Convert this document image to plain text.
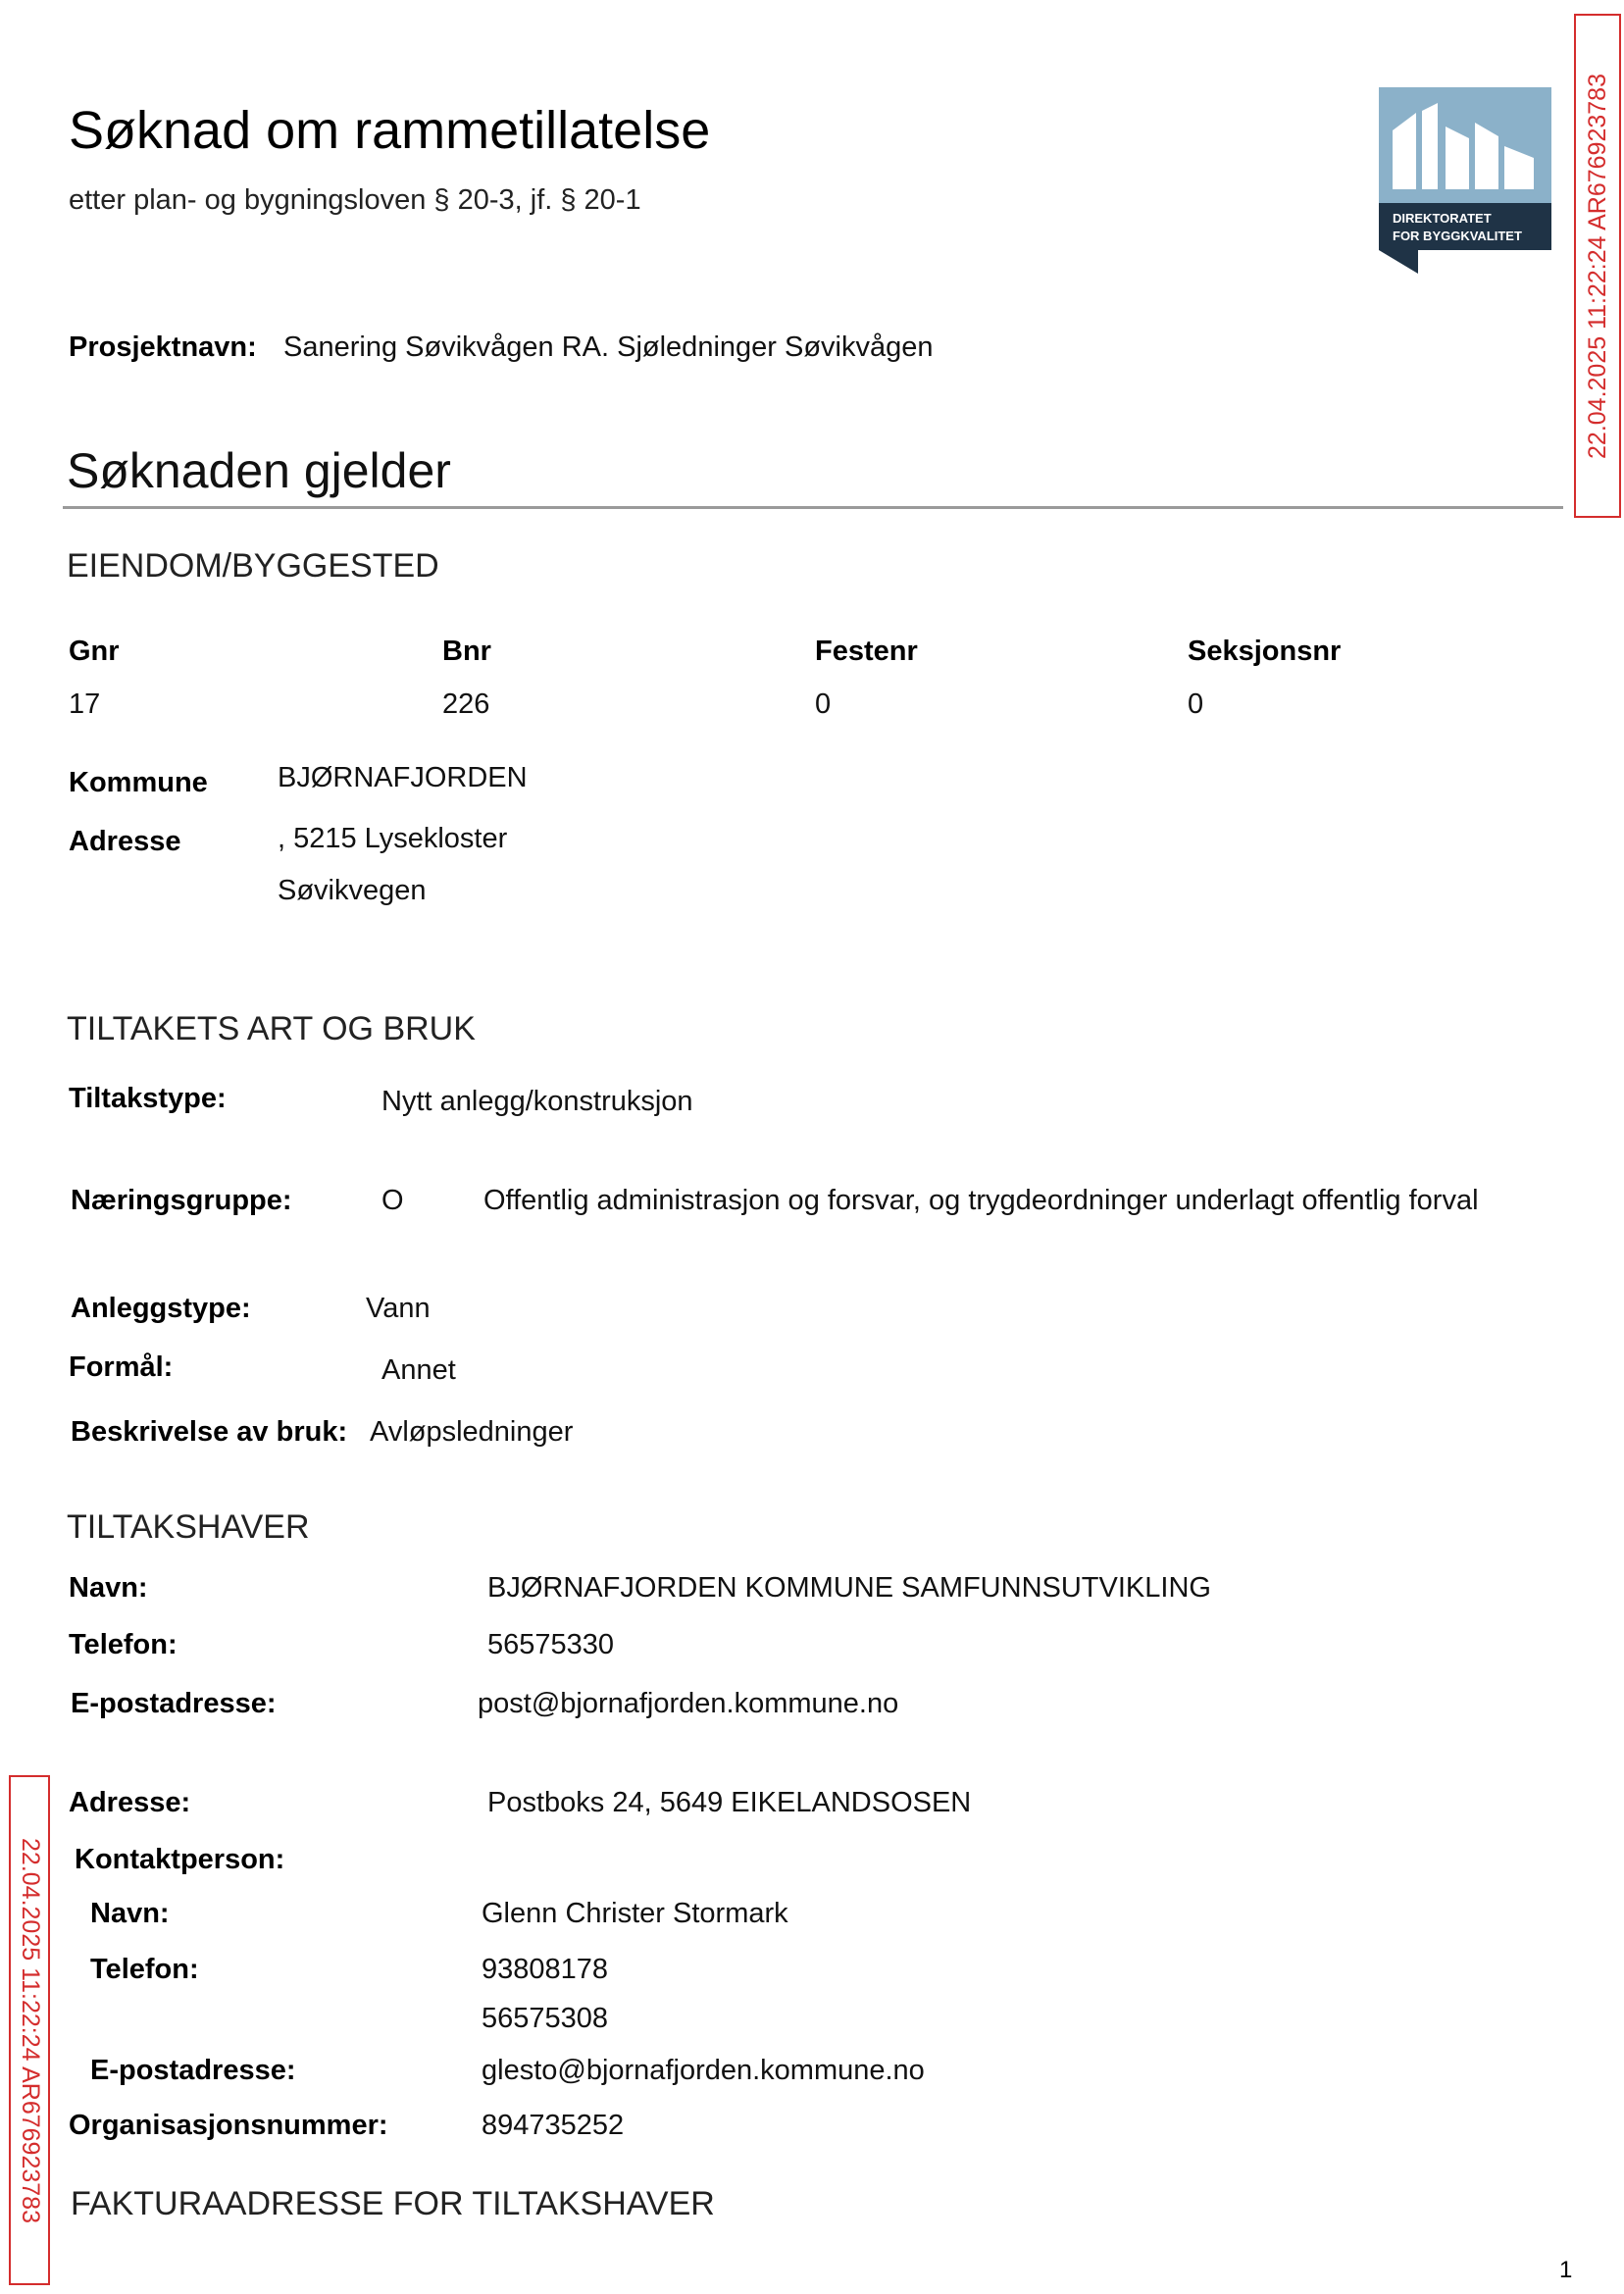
Søknad om rammetillatelse
etter plan- og bygningsloven § 20-3, jf. § 20-1
DIREKTORATET
FOR BYGGKVALITET	22.04.2025 11:22:24 AR676923783
Prosjektnavn: Sanering Søvikvågen RA. Sjøledninger Søvikvågen
Søknaden gjelder
EIENDOM/BYGGESTED
Gnr	Bnr	Festenr	Seksjonsnr
17	226	0	0
Kommune BJØRNAFJORDEN
Adresse	, 5215 Lysekloster
Søvikvegen
TILTAKETS ART OG BRUK
Tiltakstype:	Nytt anlegg/konstruksjon
Næringsgruppe:	O	Offentlig administrasjon og forsvar, og trygdeordninger underlagt offentlig forval
Anleggstype:	Vann
Formål:	Annet
Beskrivelse av bruk: Avløpsledninger
TILTAKSHAVER
Navn:	BJØRNAFJORDEN KOMMUNE SAMFUNNSUTVIKLING
Telefon:	56575330
E-postadresse:	post@bjornafjorden.kommune.no
Adresse:	Postboks 24, 5649 EIKELANDSOSEN
Kontaktperson:
Navn:	Glenn Christer Stormark
Telefon:	93808178
56575308
E-postadresse:	glesto@bjornafjorden.kommune.no
Organisasjonsnummer:	894735252
FAKTURAADRESSE FOR TILTAKSHAVER
22.04.2025 11:22:24 AR676923783
1
